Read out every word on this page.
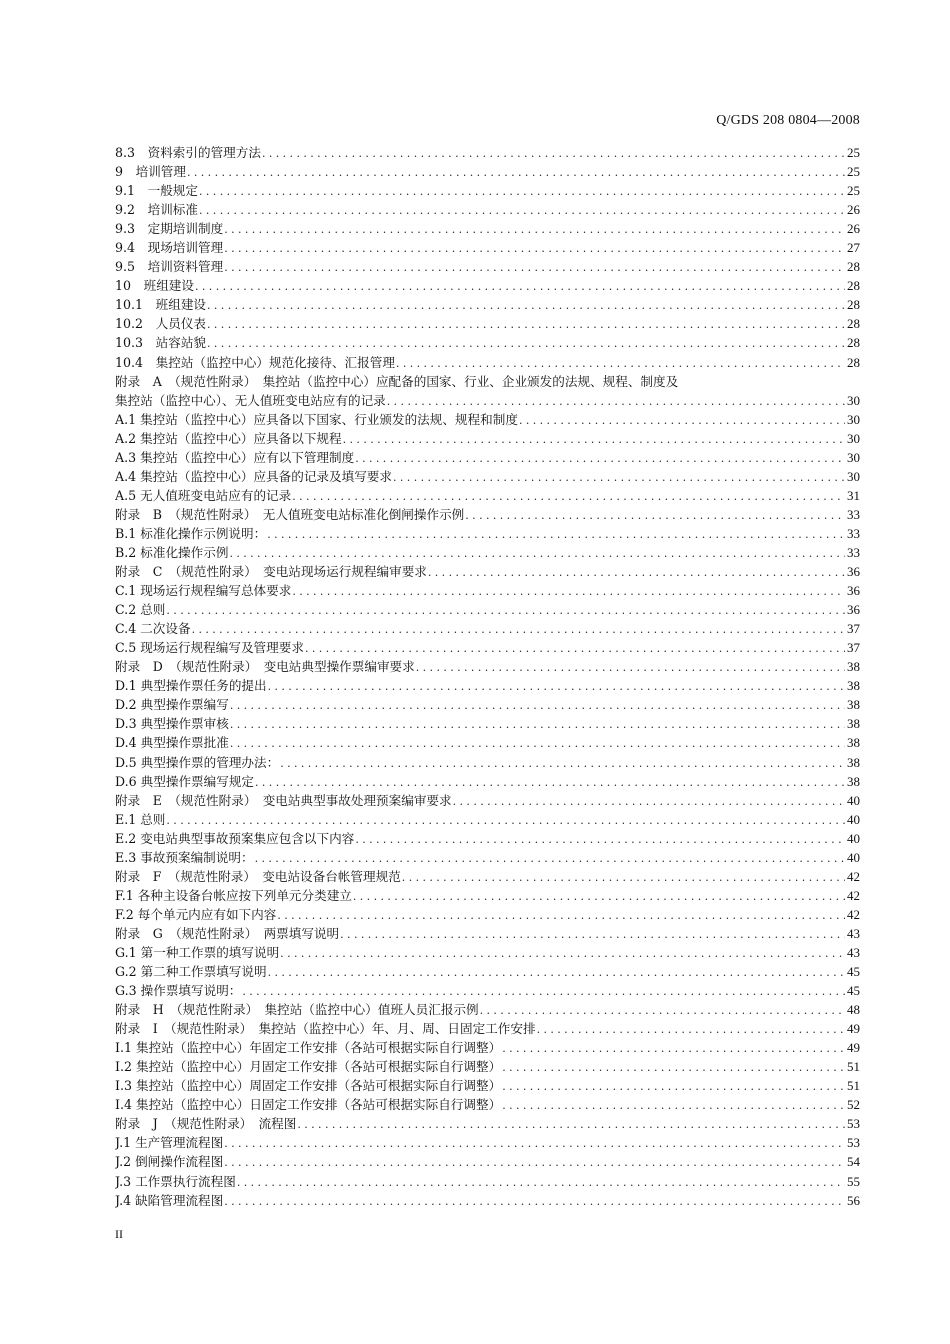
Q/GDS 208 0804—2008
8.3　资料索引的管理方法 .....	25
9　培训管理 .....	25
9.1　一般规定 .....	25
9.2　培训标准 .....	26
9.3　定期培训制度 .....	26
9.4　现场培训管理 .....	27
9.5　培训资料管理 .....	28
10　班组建设 .....	28
10.1　班组建设 .....	28
10.2　人员仪表 .....	28
10.3　站容站貌 .....	28
10.4　集控站（监控中心）规范化接待、汇报管理 .....	28
附录　A　（规范性附录）　集控站（监控中心）应配备的国家、行业、企业颁发的法规、规程、制度及
集控站（监控中心）、无人值班变电站应有的记录 .....	30
A.1 集控站（监控中心）应具备以下国家、行业颁发的法规、规程和制度 .....	30
A.2 集控站（监控中心）应具备以下规程 .....	30
A.3 集控站（监控中心）应有以下管理制度 .....	30
A.4 集控站（监控中心）应具备的记录及填写要求 .....	30
A.5 无人值班变电站应有的记录 .....	31
附录　B　（规范性附录）　无人值班变电站标准化倒闸操作示例 .....	33
B.1 标准化操作示例说明： .....	33
B.2 标准化操作示例 .....	33
附录　C　（规范性附录）　变电站现场运行规程编审要求 .....	36
C.1 现场运行规程编写总体要求 .....	36
C.2 总则 .....	36
C.4 二次设备 .....	37
C.5 现场运行规程编写及管理要求 .....	37
附录　D　（规范性附录）　变电站典型操作票编审要求 .....	38
D.1 典型操作票任务的提出 .....	38
D.2 典型操作票编写 .....	38
D.3 典型操作票审核 .....	38
D.4 典型操作票批准 .....	38
D.5 典型操作票的管理办法： .....	38
D.6 典型操作票编写规定 .....	38
附录　E　（规范性附录）　变电站典型事故处理预案编审要求 .....	40
E.1 总则 .....	40
E.2 变电站典型事故预案集应包含以下内容 .....	40
E.3 事故预案编制说明： .....	40
附录　F　（规范性附录）　变电站设备台帐管理规范 .....	42
F.1 各种主设备台帐应按下列单元分类建立 .....	42
F.2 每个单元内应有如下内容 .....	42
附录　G　（规范性附录）　两票填写说明 .....	43
G.1 第一种工作票的填写说明 .....	43
G.2 第二种工作票填写说明 .....	45
G.3 操作票填写说明： .....	45
附录　H　（规范性附录）　集控站（监控中心）值班人员汇报示例 .....	48
附录　I　（规范性附录）　集控站（监控中心）年、月、周、日固定工作安排 .....	49
I.1 集控站（监控中心）年固定工作安排（各站可根据实际自行调整） .....	49
I.2 集控站（监控中心）月固定工作安排（各站可根据实际自行调整） .....	51
I.3 集控站（监控中心）周固定工作安排（各站可根据实际自行调整） .....	51
I.4 集控站（监控中心）日固定工作安排（各站可根据实际自行调整） .....	52
附录　J　（规范性附录）　流程图 .....	53
J.1 生产管理流程图 .....	53
J.2 倒闸操作流程图 .....	54
J.3 工作票执行流程图 .....	55
J.4 缺陷管理流程图 .....	56
II
